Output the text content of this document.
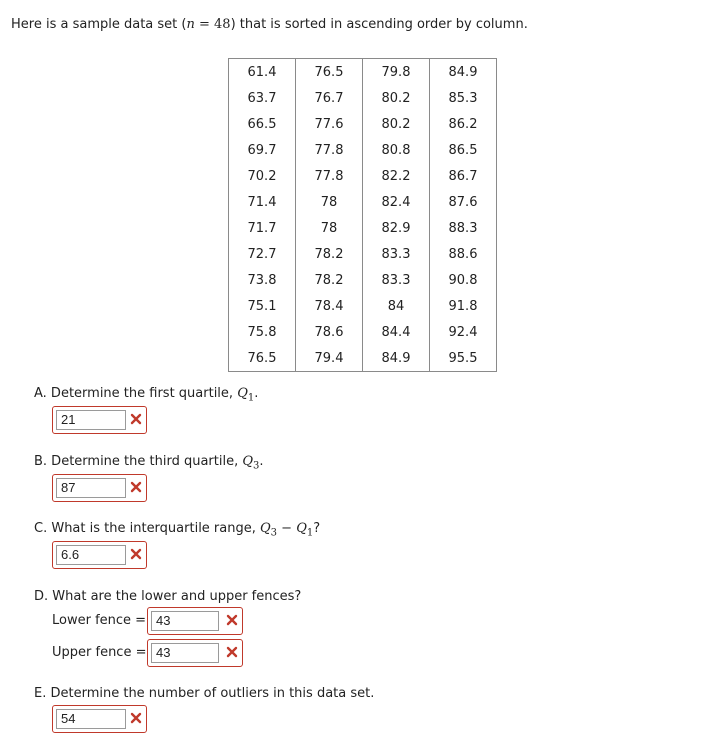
Here is a sample data set (n = 48) that is sorted in ascending order by column.
61.4	76.5	79.8	84.9
63.7	76.7	80.2	85.3
66.5	77.6	80.2	86.2
69.7	77.8	80.8	86.5
70.2	77.8	82.2	86.7
71.4	78	82.4	87.6
71.7	78	82.9	88.3
72.7	78.2	83.3	88.6
73.8	78.2	83.3	90.8
75.1	78.4	84	91.8
75.8	78.6	84.4	92.4
76.5	79.4	84.9	95.5
A. Determine the first quartile, $Q_1$.
21
B. Determine the third quartile, $Q_3$.
87
C. What is the interquartile range, $Q_3 - Q_1$?
6.6
D. What are the lower and upper fences?
Lower fence = 43
Upper fence = 43
E. Determine the number of outliers in this data set.
54
